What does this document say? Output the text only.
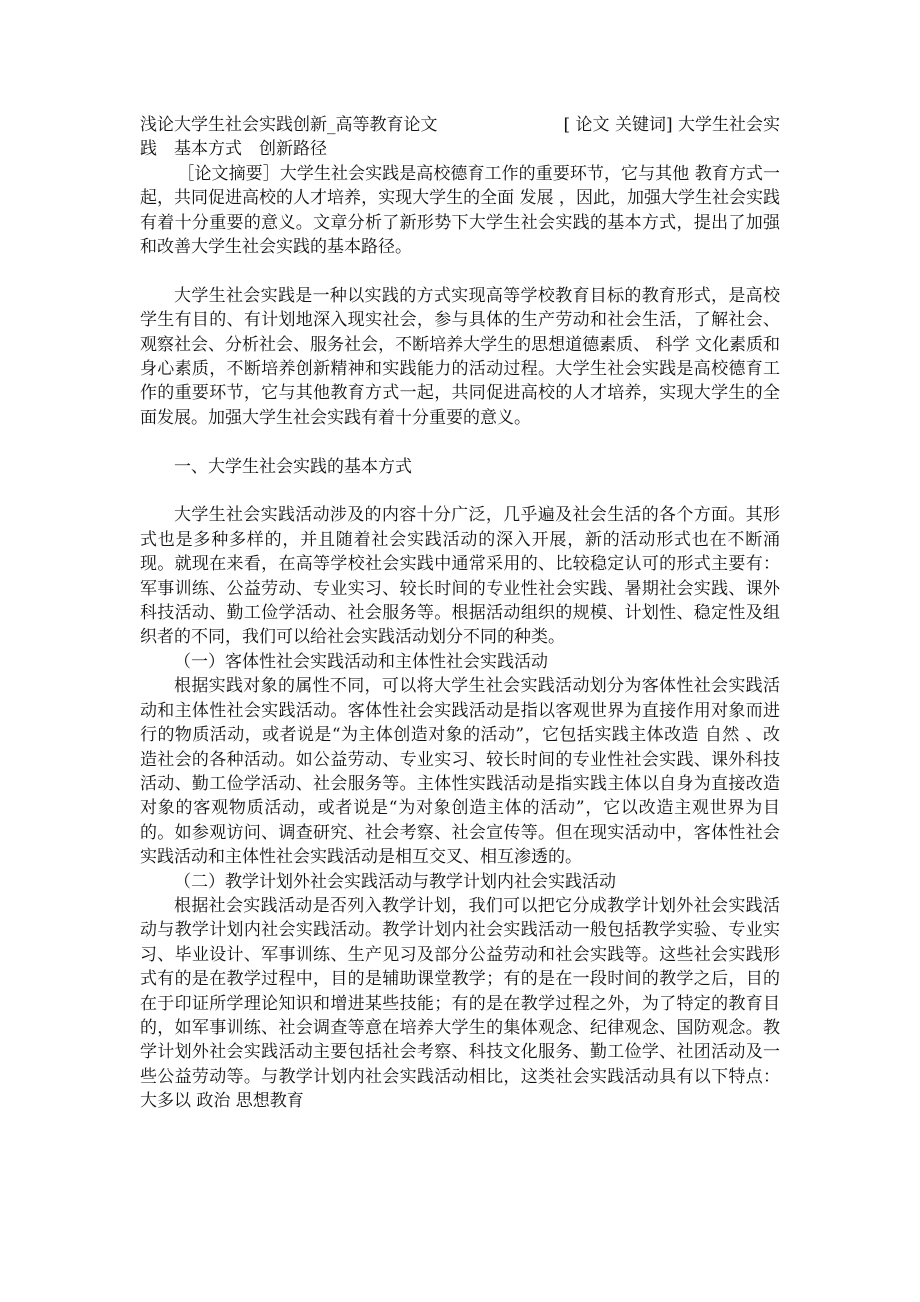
浅论大学生社会实践创新_高等教育论文	[ 论文 关键词] 大学生社会实

践　基本方式　创新路径

［论文摘要］大学生社会实践是高校德育工作的重要环节，它与其他 教育方式一起，共同促进高校的人才培养，实现大学生的全面 发展 ，因此，加强大学生社会实践有着十分重要的意义。文章分析了新形势下大学生社会实践的基本方式，提出了加强和改善大学生社会实践的基本路径。

大学生社会实践是一种以实践的方式实现高等学校教育目标的教育形式，是高校学生有目的、有计划地深入现实社会，参与具体的生产劳动和社会生活，了解社会、观察社会、分析社会、服务社会，不断培养大学生的思想道德素质、 科学 文化素质和身心素质，不断培养创新精神和实践能力的活动过程。大学生社会实践是高校德育工作的重要环节，它与其他教育方式一起，共同促进高校的人才培养，实现大学生的全面发展。加强大学生社会实践有着十分重要的意义。

一、大学生社会实践的基本方式

大学生社会实践活动涉及的内容十分广泛，几乎遍及社会生活的各个方面。其形式也是多种多样的，并且随着社会实践活动的深入开展，新的活动形式也在不断涌现。就现在来看，在高等学校社会实践中通常采用的、比较稳定认可的形式主要有：军事训练、公益劳动、专业实习、较长时间的专业性社会实践、暑期社会实践、课外科技活动、勤工俭学活动、社会服务等。根据活动组织的规模、计划性、稳定性及组织者的不同，我们可以给社会实践活动划分不同的种类。

（一）客体性社会实践活动和主体性社会实践活动

根据实践对象的属性不同，可以将大学生社会实践活动划分为客体性社会实践活动和主体性社会实践活动。客体性社会实践活动是指以客观世界为直接作用对象而进行的物质活动，或者说是“为主体创造对象的活动”，它包括实践主体改造 自然 、改造社会的各种活动。如公益劳动、专业实习、较长时间的专业性社会实践、课外科技活动、勤工俭学活动、社会服务等。主体性实践活动是指实践主体以自身为直接改造对象的客观物质活动，或者说是“为对象创造主体的活动”，它以改造主观世界为目的。如参观访问、调查研究、社会考察、社会宣传等。但在现实活动中，客体性社会实践活动和主体性社会实践活动是相互交叉、相互渗透的。

（二）教学计划外社会实践活动与教学计划内社会实践活动

根据社会实践活动是否列入教学计划，我们可以把它分成教学计划外社会实践活动与教学计划内社会实践活动。教学计划内社会实践活动一般包括教学实验、专业实习、毕业设计、军事训练、生产见习及部分公益劳动和社会实践等。这些社会实践形式有的是在教学过程中，目的是辅助课堂教学；有的是在一段时间的教学之后，目的在于印证所学理论知识和增进某些技能；有的是在教学过程之外，为了特定的教育目的，如军事训练、社会调查等意在培养大学生的集体观念、纪律观念、国防观念。教学计划外社会实践活动主要包括社会考察、科技文化服务、勤工俭学、社团活动及一些公益劳动等。与教学计划内社会实践活动相比，这类社会实践活动具有以下特点：大多以 政治 思想教育
